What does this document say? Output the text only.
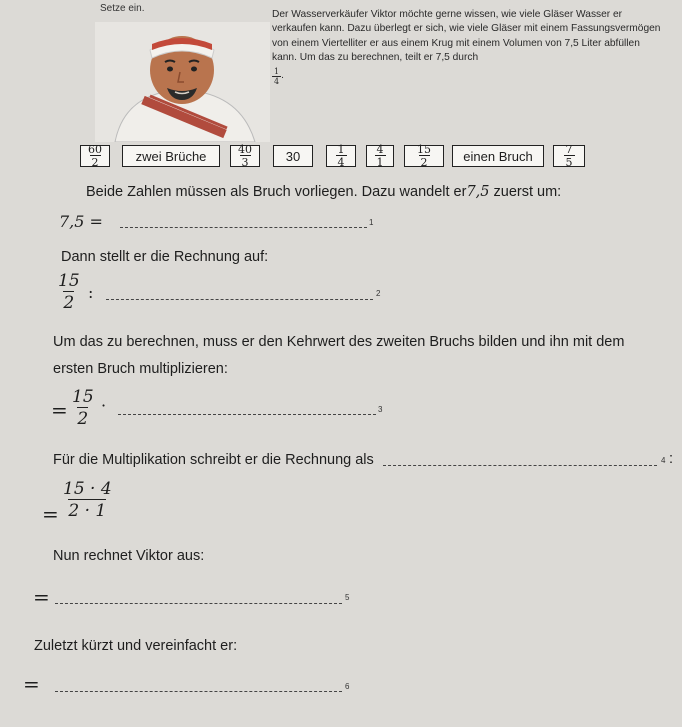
Setze ein.
Der Wasserverkäufer Viktor möchte gerne wissen, wie viele Gläser Wasser er verkaufen kann. Dazu überlegt er sich, wie viele Gläser mit einem Fassungsvermögen von einem Viertelliter er aus einem Krug mit einem Volumen von 7,5 Liter abfüllen kann. Um das zu berechnen, teilt er 7,5 durch

$\frac{1}{4}$ .
$\frac{60}{2}$ zwei Brüche	$\frac{40}{3} 30$	$\frac{1}{4}$	$\frac{4}{1}$	$\frac{15}{2}$ einen Bruch	$\frac{7}{5}$
Beide Zahlen müssen als Bruch vorliegen. Dazu wandelt er7,5 zuerst um:
7,5 =	1
Dann stellt er die Rechnung auf:
$\frac{15}{2}$ :	2
Um das zu berechnen, muss er den Kehrwert des zweiten Bruchs bilden und ihn mit dem
ersten Bruch multiplizieren:
= $\frac{15}{2}$ ·	3
Für die Multiplikation schreibt er die Rechnung als	4 :
= $\frac{15 \cdot 4}{2 \cdot 1}$
Nun rechnet Viktor aus:
=	5
Zuletzt kürzt und vereinfacht er:
=	6
